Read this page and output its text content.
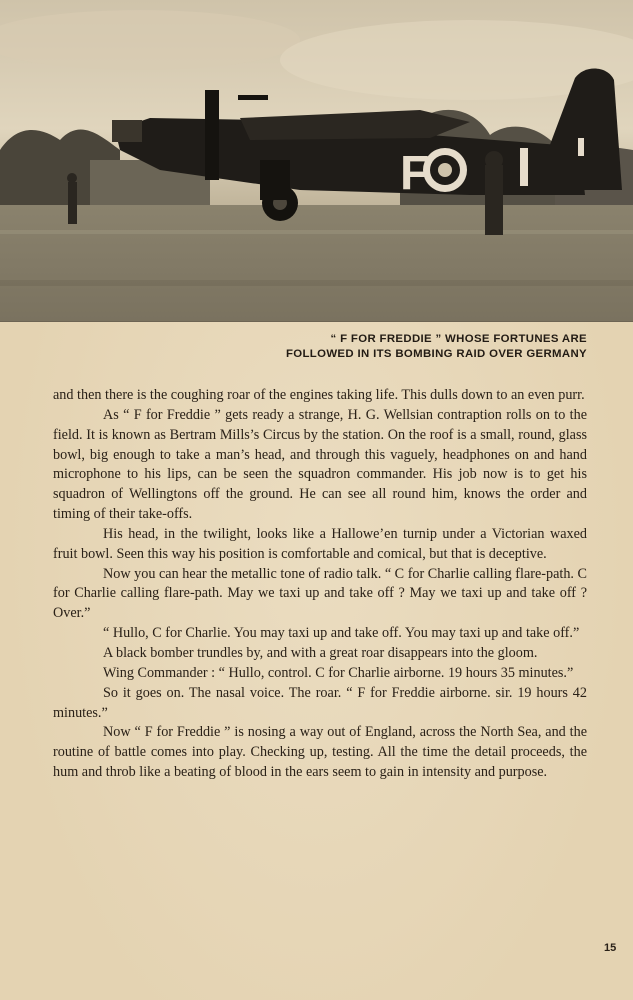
F
“ F FOR FREDDIE ” WHOSE FORTUNES ARE
FOLLOWED IN ITS BOMBING RAID OVER GERMANY

and then there is the coughing roar of the engines taking life. This dulls down to an even purr.

As “ F for Freddie ” gets ready a strange, H. G. Wellsian contraption rolls on to the field. It is known as Bertram Mills’s Circus by the station. On the roof is a small, round, glass bowl, big enough to take a man’s head, and through this vaguely, headphones on and hand microphone to his lips, can be seen the squadron commander. His job now is to get his squadron of Wellingtons off the ground. He can see all round him, knows the order and timing of their take-offs.

His head, in the twilight, looks like a Hallowe’en turnip under a Victorian waxed fruit bowl. Seen this way his position is comfortable and comical, but that is deceptive.

Now you can hear the metallic tone of radio talk. “ C for Charlie calling flare-path. C for Charlie calling flare-path. May we taxi up and take off ? May we taxi up and take off ? Over.”

“ Hullo, C for Charlie. You may taxi up and take off. You may taxi up and take off.”

A black bomber trundles by, and with a great roar disappears into the gloom.

Wing Commander : “ Hullo, control. C for Charlie airborne. 19 hours 35 minutes.”

So it goes on. The nasal voice. The roar. “ F for Freddie airborne. sir. 19 hours 42 minutes.”

Now “ F for Freddie ” is nosing a way out of England, across the North Sea, and the routine of battle comes into play. Checking up, testing. All the time the detail proceeds, the hum and throb like a beating of blood in the ears seem to gain in intensity and purpose.

15
